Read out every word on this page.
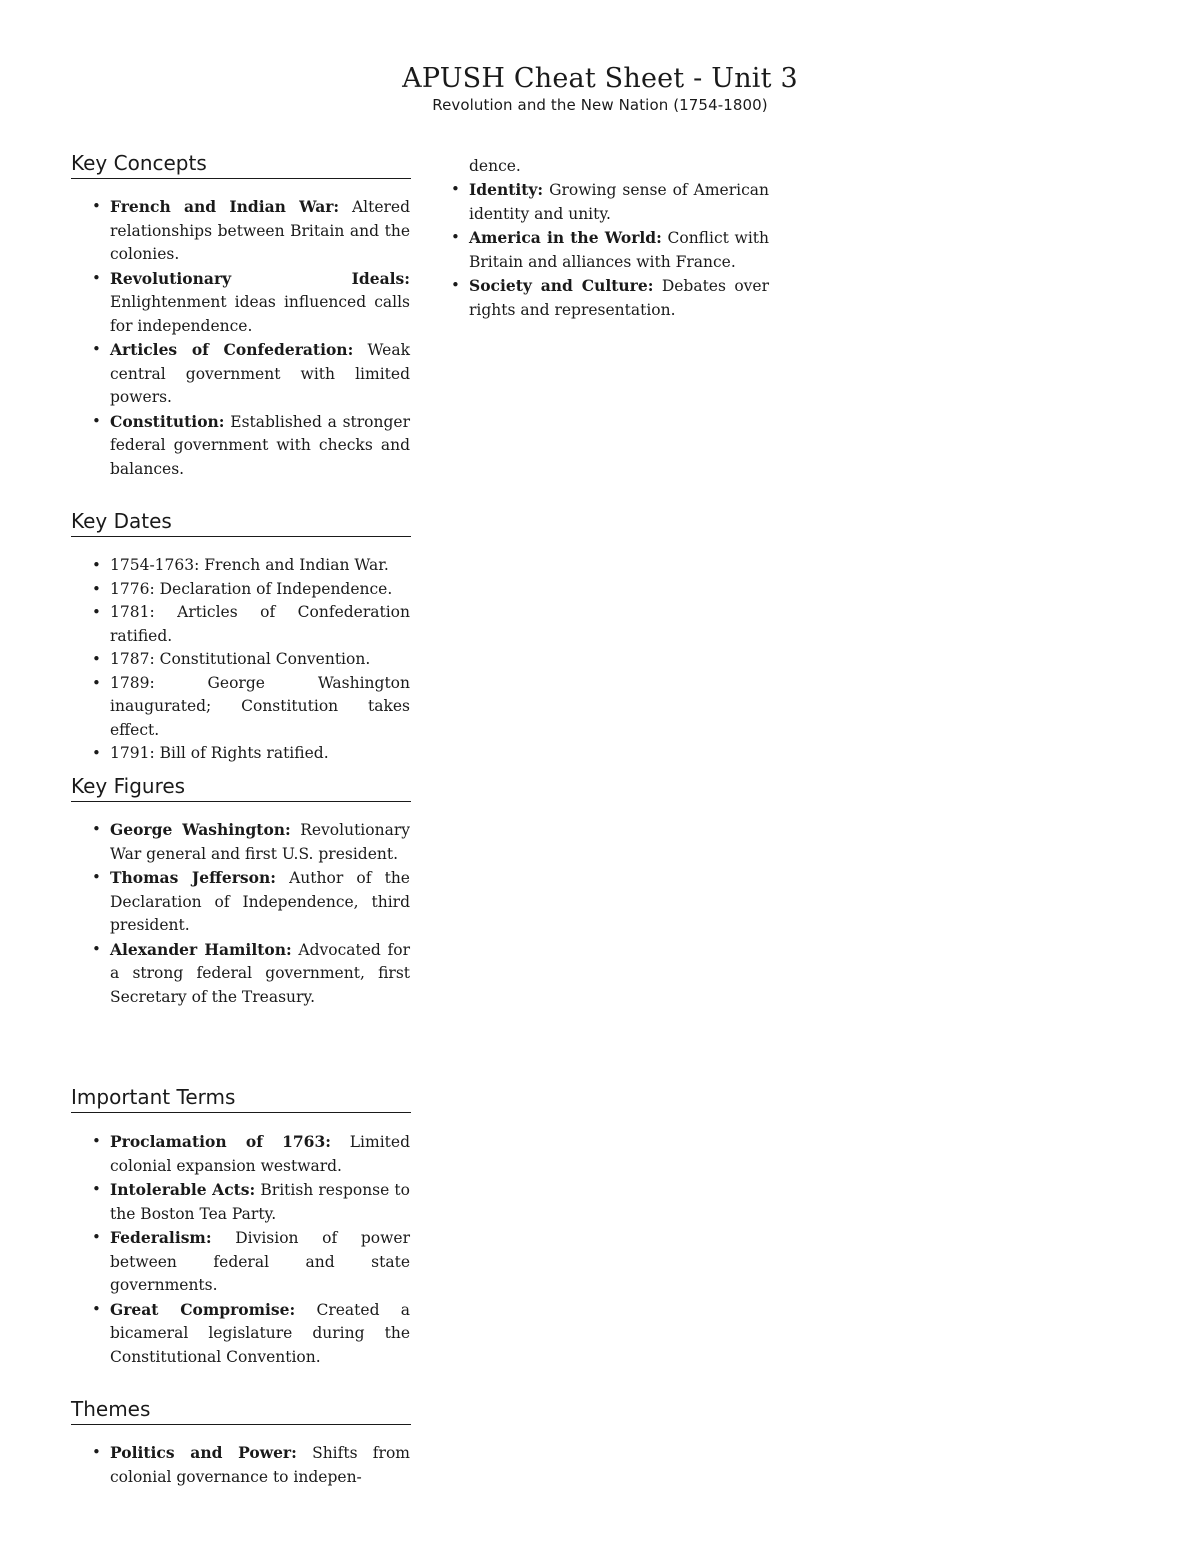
APUSH Cheat Sheet - Unit 3

Revolution and the New Nation (1754-1800)

Key Concepts
• French and Indian War: Altered relationships between Britain and the colonies.
• Revolutionary Ideals: Enlightenment ideas influenced calls for independence.
• Articles of Confederation: Weak central government with limited powers.
• Constitution: Established a stronger federal government with checks and balances.
Key Dates
• 1754-1763: French and Indian War.
• 1776: Declaration of Independence.
• 1781: Articles of Confederation ratified.
• 1787: Constitutional Convention.
• 1789: George Washington inaugurated; Constitution takes effect.
• 1791: Bill of Rights ratified.
Key Figures
• George Washington: Revolutionary War general and first U.S. president.
• Thomas Jefferson: Author of the Declaration of Independence, third president.
• Alexander Hamilton: Advocated for a strong federal government, first Secretary of the Treasury.
Important Terms
• Proclamation of 1763: Limited colonial expansion westward.
• Intolerable Acts: British response to the Boston Tea Party.
• Federalism: Division of power between federal and state governments.
• Great Compromise: Created a bicameral legislature during the Constitutional Convention.
Themes
• Politics and Power: Shifts from colonial governance to indepen-

dence.

• Identity: Growing sense of American identity and unity.
• America in the World: Conflict with Britain and alliances with France.
• Society and Culture: Debates over rights and representation.
